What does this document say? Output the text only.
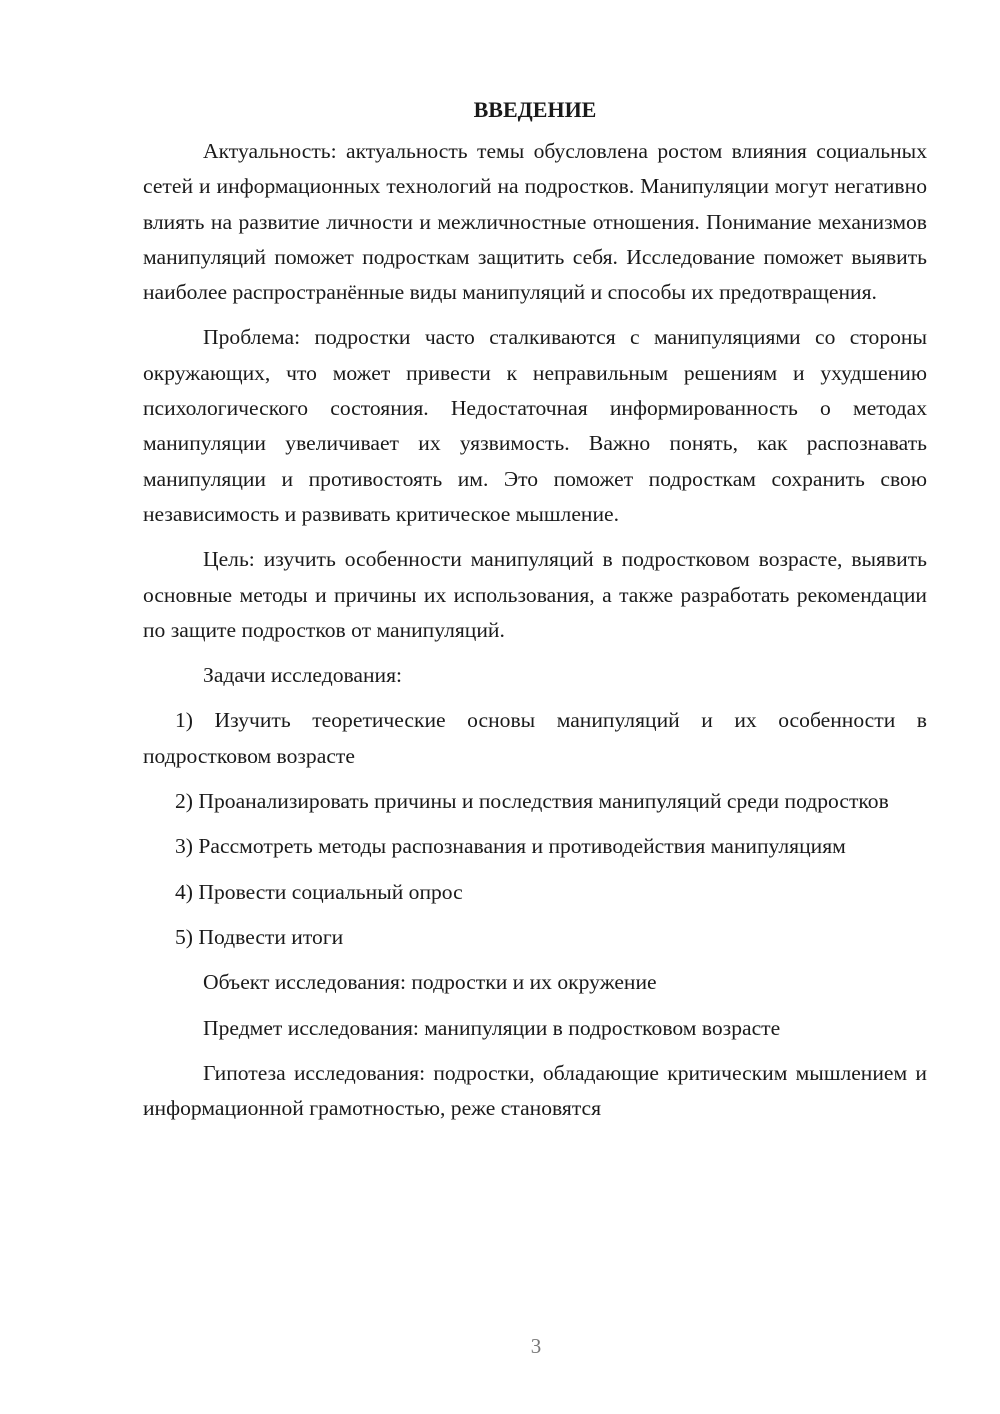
ВВЕДЕНИЕ

Актуальность: актуальность темы обусловлена ростом влияния социальных сетей и информационных технологий на подростков. Манипуляции могут негативно влиять на развитие личности и межличностные отношения. Понимание механизмов манипуляций поможет подросткам защитить себя. Исследование поможет выявить наиболее распространённые виды манипуляций и способы их предотвращения.

Проблема: подростки часто сталкиваются с манипуляциями со стороны окружающих, что может привести к неправильным решениям и ухудшению психологического состояния. Недостаточная информированность о методах манипуляции увеличивает их уязвимость. Важно понять, как распознавать манипуляции и противостоять им. Это поможет подросткам сохранить свою независимость и развивать критическое мышление.

Цель: изучить особенности манипуляций в подростковом возрасте, выявить основные методы и причины их использования, а также разработать рекомендации по защите подростков от манипуляций.

Задачи исследования:

1) Изучить теоретические основы манипуляций и их особенности в подростковом возрасте

2) Проанализировать причины и последствия манипуляций среди подростков

3) Рассмотреть методы распознавания и противодействия манипуляциям

4) Провести социальный опрос

5) Подвести итоги

Объект исследования: подростки и их окружение

Предмет исследования: манипуляции в подростковом возрасте

Гипотеза исследования: подростки, обладающие критическим мышлением и информационной грамотностью, реже становятся

3
